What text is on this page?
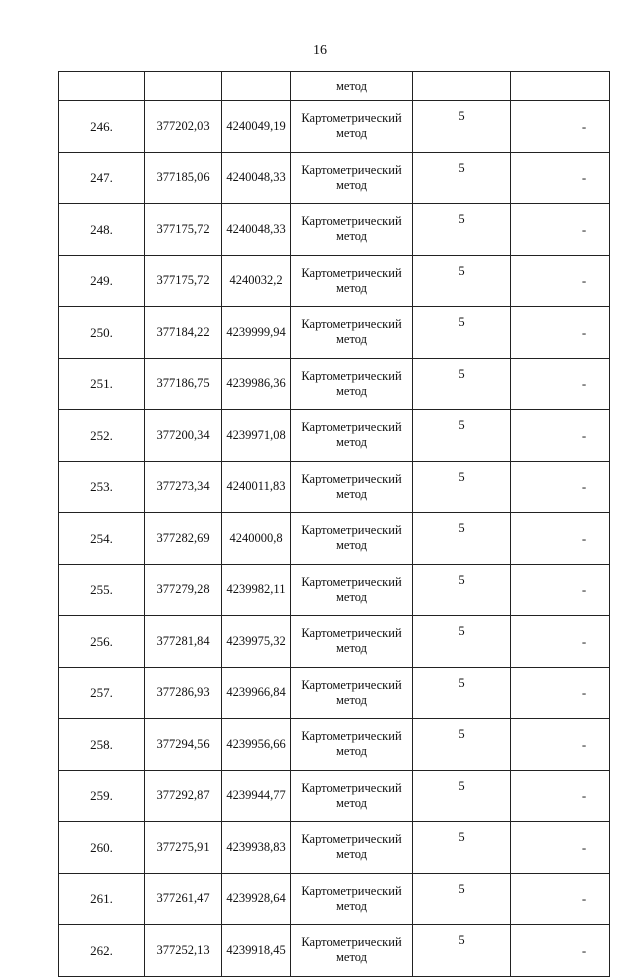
16
			метод		
246.	377202,03	4240049,19	Картометрический
метод	5	-
247.	377185,06	4240048,33	Картометрический
метод	5	-
248.	377175,72	4240048,33	Картометрический
метод	5	-
249.	377175,72	4240032,2	Картометрический
метод	5	-
250.	377184,22	4239999,94	Картометрический
метод	5	-
251.	377186,75	4239986,36	Картометрический
метод	5	-
252.	377200,34	4239971,08	Картометрический
метод	5	-
253.	377273,34	4240011,83	Картометрический
метод	5	-
254.	377282,69	4240000,8	Картометрический
метод	5	-
255.	377279,28	4239982,11	Картометрический
метод	5	-
256.	377281,84	4239975,32	Картометрический
метод	5	-
257.	377286,93	4239966,84	Картометрический
метод	5	-
258.	377294,56	4239956,66	Картометрический
метод	5	-
259.	377292,87	4239944,77	Картометрический
метод	5	-
260.	377275,91	4239938,83	Картометрический
метод	5	-
261.	377261,47	4239928,64	Картометрический
метод	5	-
262.	377252,13	4239918,45	Картометрический
метод	5	-
